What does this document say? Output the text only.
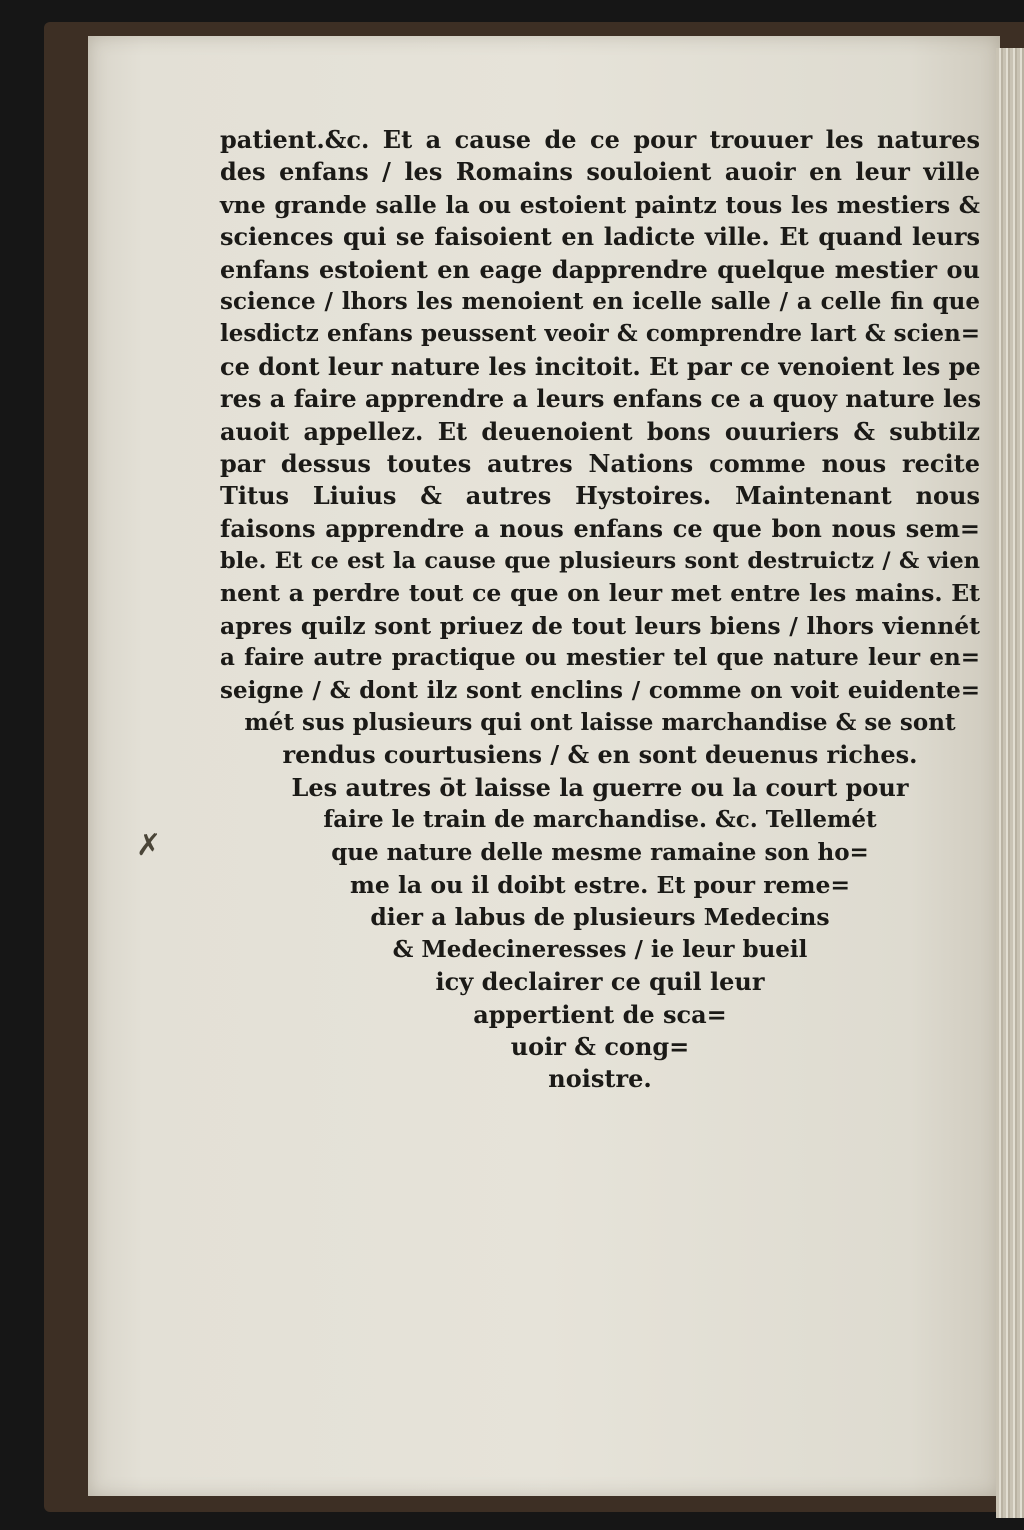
✗
patient.&c. Et a cause de ce pour trouuer les natures
des enfans / les Romains souloient auoir en leur ville
vne grande salle la ou estoient paintz tous les mestiers &
sciences qui se faisoient en ladicte ville. Et quand leurs
enfans estoient en eage dapprendre quelque mestier ou
science / lhors les menoient en icelle salle / a celle fin que
lesdictz enfans peussent veoir & comprendre lart & scien=
ce dont leur nature les incitoit. Et par ce venoient les pe
res a faire apprendre a leurs enfans ce a quoy nature les
auoit appellez. Et deuenoient bons ouuriers & subtilz
par dessus toutes autres Nations comme nous recite
Titus Liuius & autres Hystoires. Maintenant nous
faisons apprendre a nous enfans ce que bon nous sem=
ble. Et ce est la cause que plusieurs sont destruictz / & vien
nent a perdre tout ce que on leur met entre les mains. Et
apres quilz sont priuez de tout leurs biens / lhors viennét
a faire autre practique ou mestier tel que nature leur en=
seigne / & dont ilz sont enclins / comme on voit euidente=
mét sus plusieurs qui ont laisse marchandise & se sont
rendus courtusiens / & en sont deuenus riches.
Les autres ōt laisse la guerre ou la court pour
faire le train de marchandise. &c. Tellemét
que nature delle mesme ramaine son ho=
me la ou il doibt estre. Et pour reme=
dier a labus de plusieurs Medecins
& Medecineresses / ie leur bueil
icy declairer ce quil leur
appertient de sca=
uoir & cong=
noistre.
